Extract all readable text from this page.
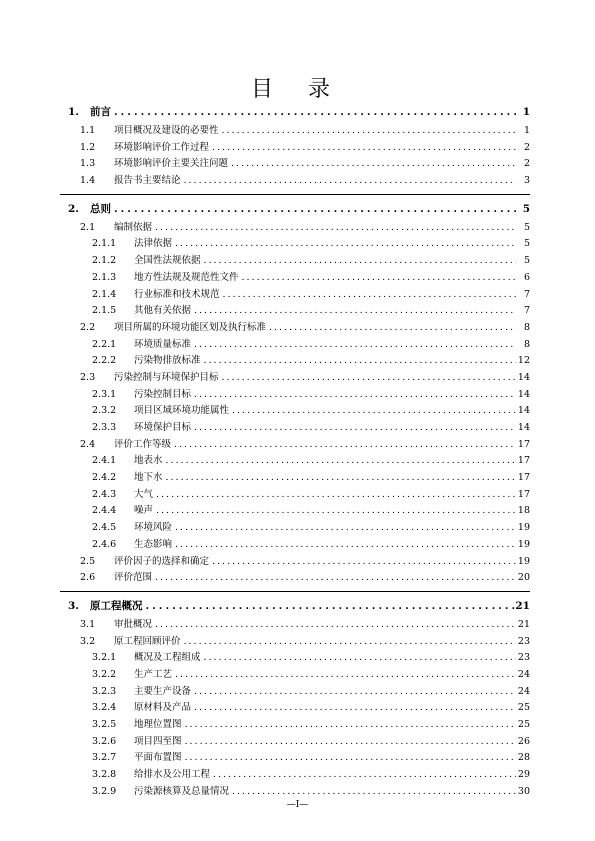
目 录
1.	前言 .....	1
1.1	项目概况及建设的必要性 .....	1
1.2	环境影响评价工作过程 .....	2
1.3	环境影响评价主要关注问题 .....	2
1.4	报告书主要结论 .....	3
2.	总则 .....	5
2.1	编制依据 .....	5
2.1.1	法律依据 .....	5
2.1.2	全国性法规依据 .....	5
2.1.3	地方性法规及规范性文件 .....	6
2.1.4	行业标准和技术规范 .....	7
2.1.5	其他有关依据 .....	7
2.2	项目所属的环境功能区划及执行标准 .....	8
2.2.1	环境质量标准 .....	8
2.2.2	污染物排放标准 .....	12
2.3	污染控制与环境保护目标 .....	14
2.3.1	污染控制目标 .....	14
2.3.2	项目区域环境功能属性 .....	14
2.3.3	环境保护目标 .....	14
2.4	评价工作等级 .....	17
2.4.1	地表水 .....	17
2.4.2	地下水 .....	17
2.4.3	大气 .....	17
2.4.4	噪声 .....	18
2.4.5	环境风险 .....	19
2.4.6	生态影响 .....	19
2.5	评价因子的选择和确定 .....	19
2.6	评价范围 .....	20
3.	原工程概况 .....	21
3.1	审批概况 .....	21
3.2	原工程回顾评价 .....	23
3.2.1	概况及工程组成 .....	23
3.2.2	生产工艺 .....	24
3.2.3	主要生产设备 .....	24
3.2.4	原材料及产品 .....	25
3.2.5	地理位置图 .....	25
3.2.6	项目四至图 .....	26
3.2.7	平面布置图 .....	28
3.2.8	给排水及公用工程 .....	29
3.2.9	污染源核算及总量情况 .....	30
—I—
